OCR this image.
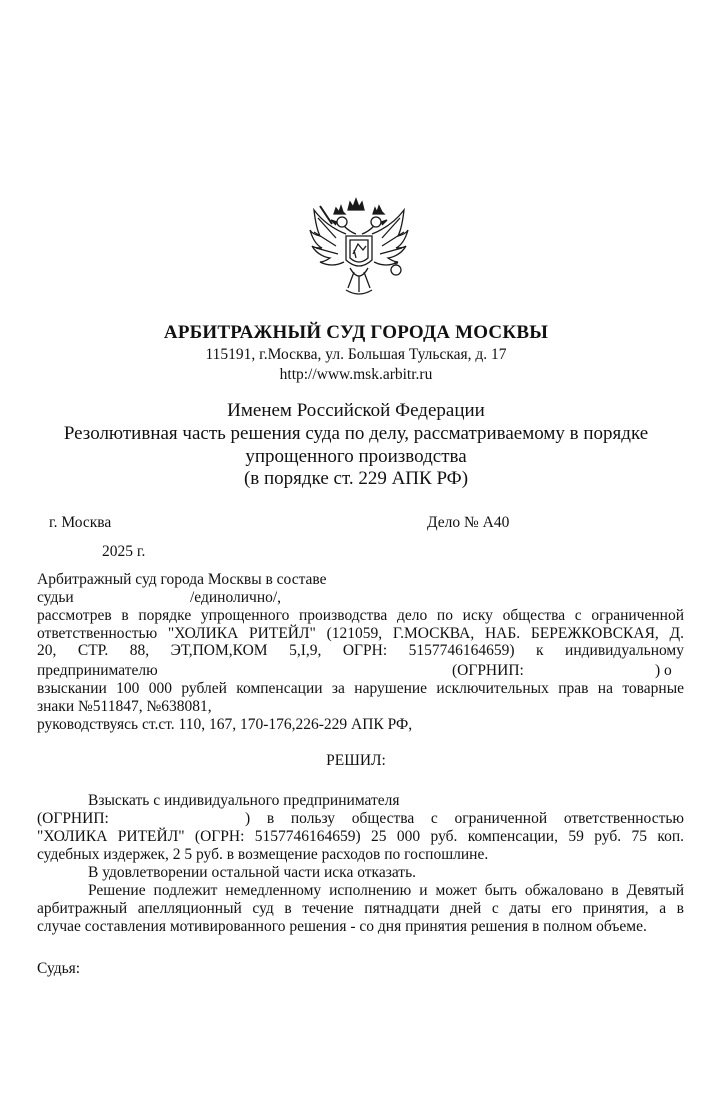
АРБИТРАЖНЫЙ СУД ГОРОДА МОСКВЫ
115191, г.Москва, ул. Большая Тульская, д. 17
http://www.msk.arbitr.ru
Именем Российской Федерации
Резолютивная часть решения суда по делу, рассматриваемому в порядке
упрощенного производства
(в порядке ст. 229 АПК РФ)
г. Москва	Дело № А40
2025 г.
Арбитражный суд города Москвы в составе
судьи	/единолично/,
рассмотрев в порядке упрощенного производства дело по иску общества с ограниченной
ответственностью "ХОЛИКА РИТЕЙЛ" (121059, Г.МОСКВА, НАБ. БЕРЕЖКОВСКАЯ, Д.
20, СТР. 88, ЭТ,ПОМ,КОМ 5,I,9, ОГРН: 5157746164659) к индивидуальному
предпринимателю	(ОГРНИП:	) о
взыскании 100 000 рублей компенсации за нарушение исключительных прав на товарные
знаки №511847, №638081,
руководствуясь ст.ст. 110, 167, 170-176,226-229 АПК РФ,
РЕШИЛ:
Взыскать с индивидуального предпринимателя
(ОГРНИП:	) в пользу общества с ограниченной ответственностью
"ХОЛИКА РИТЕЙЛ" (ОГРН: 5157746164659) 25 000 руб. компенсации, 59 руб. 75 коп.
судебных издержек, 2 5 руб. в возмещение расходов по госпошлине.
В удовлетворении остальной части иска отказать.
Решение подлежит немедленному исполнению и может быть обжаловано в Девятый
арбитражный апелляционный суд в течение пятнадцати дней с даты его принятия, а в
случае составления мотивированного решения - со дня принятия решения в полном объеме.
Судья:
